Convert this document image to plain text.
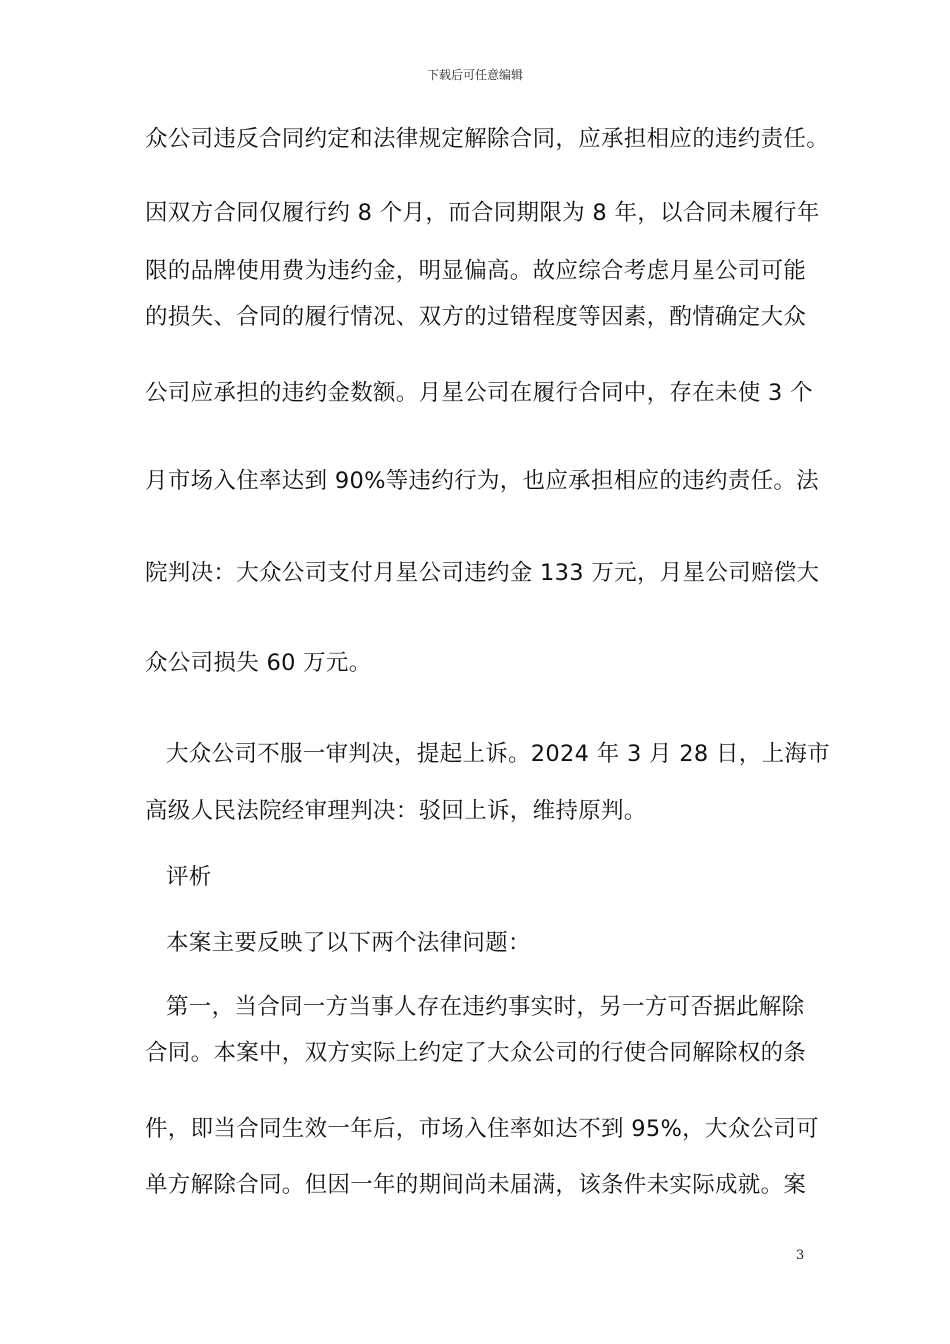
下载后可任意编辑
众公司违反合同约定和法律规定解除合同，应承担相应的违约责任。
因双方合同仅履行约 8 个月，而合同期限为 8 年，以合同未履行年
限的品牌使用费为违约金，明显偏高。故应综合考虑月星公司可能
的损失、合同的履行情况、双方的过错程度等因素，酌情确定大众
公司应承担的违约金数额。月星公司在履行合同中，存在未使 3 个
月市场入住率达到 90%等违约行为，也应承担相应的违约责任。法
院判决：大众公司支付月星公司违约金 133 万元，月星公司赔偿大
众公司损失 60 万元。
大众公司不服一审判决，提起上诉。2024 年 3 月 28 日，上海市
高级人民法院经审理判决：驳回上诉，维持原判。
评析
本案主要反映了以下两个法律问题：
第一，当合同一方当事人存在违约事实时，另一方可否据此解除
合同。本案中，双方实际上约定了大众公司的行使合同解除权的条
件，即当合同生效一年后，市场入住率如达不到 95%，大众公司可
单方解除合同。但因一年的期间尚未届满，该条件未实际成就。案
3
